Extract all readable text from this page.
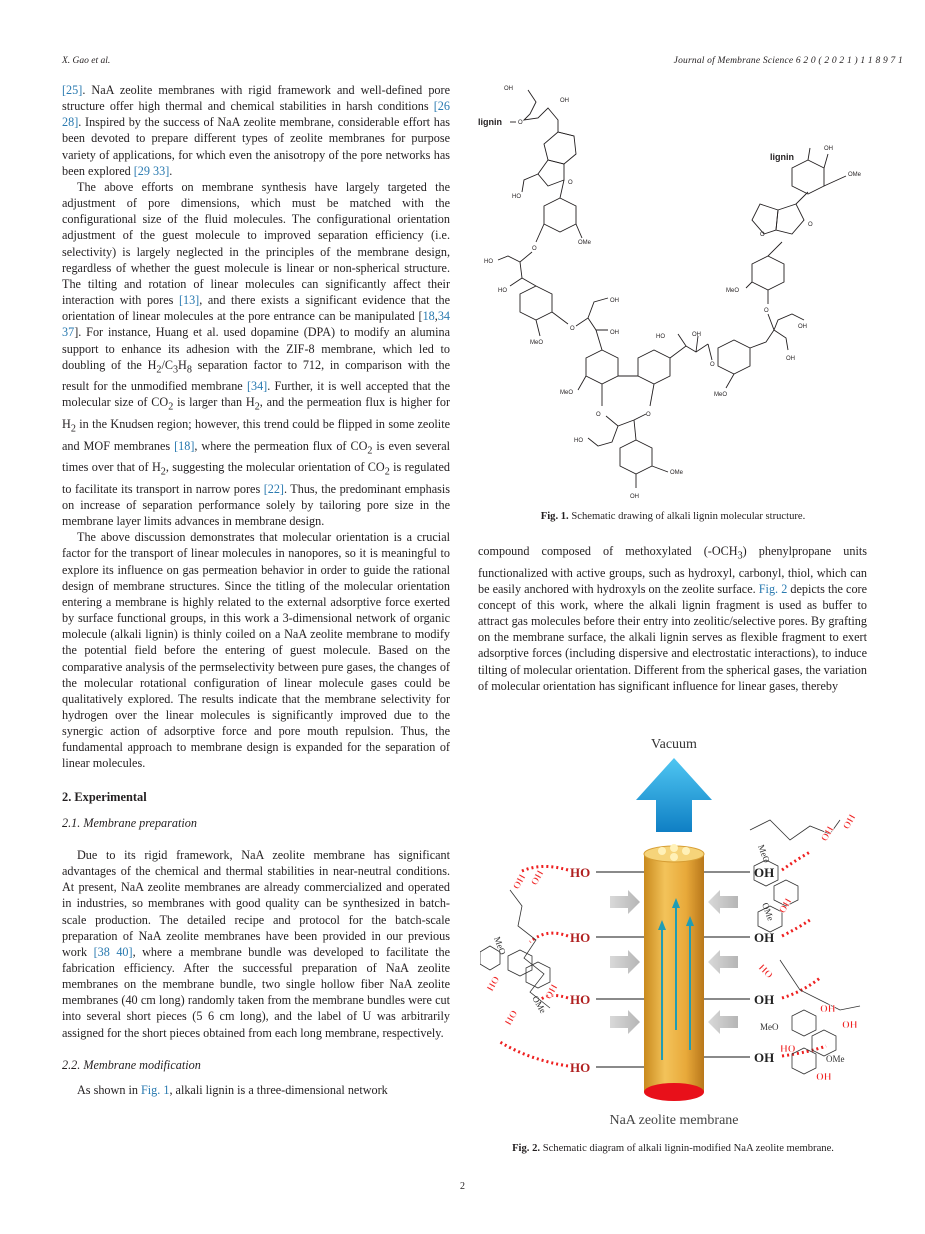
X. Gao et al.	Journal of Membrane Science 6 2 0 ( 2 0 2 1 ) 1 1 8 9 7 1

[25]. NaA zeolite membranes with rigid framework and well-defined pore structure offer high thermal and chemical stabilities in harsh conditions [26 28]. Inspired by the success of NaA zeolite membrane, considerable effort has been devoted to prepare different types of zeolite membranes for purpose variety of applications, for which even the anisotropy of the pore networks has been explored [29 33].

The above efforts on membrane synthesis have largely targeted the adjustment of pore dimensions, which must be matched with the configurational size of the fluid molecules. The configurational orientation adjustment of the guest molecule to improved separation efficiency (i.e. selectivity) is largely neglected in the principles of the membrane design, regardless of whether the guest molecule is linear or non-spherical structure. The tilting and rotation of linear molecules can significantly affect their interaction with pores [13], and there exists a significant evidence that the orientation of linear molecules at the pore entrance can be manipulated [18,34 37]. For instance, Huang et al. used dopamine (DPA) to modify an alumina support to enhance its adhesion with the ZIF-8 membrane, which led to doubling of the $H_2/C_3H_8$ separation factor to 712, in comparison with the result for the unmodified membrane [34]. Further, it is well accepted that the molecular size of $CO_2$ is larger than $H_2$, and the permeation flux is higher for $H_2$ in the Knudsen region; however, this trend could be flipped in some zeolite and MOF membranes [18], where the permeation flux of $CO_2$ is even several times over that of $H_2$, suggesting the molecular orientation of $CO_2$ is regulated to facilitate its transport in narrow pores [22]. Thus, the predominant emphasis on increase of separation performance solely by tailoring pore size in the membrane layer limits advances in membrane design.

The above discussion demonstrates that molecular orientation is a crucial factor for the transport of linear molecules in nanopores, so it is meaningful to explore its influence on gas permeation behavior in order to guide the rational design of membrane structures. Since the titling of the molecular orientation entering a membrane is highly related to the external adsorptive force exerted by surface functional groups, in this work a 3-dimensional network of organic molecule (alkali lignin) is thinly coiled on a NaA zeolite membrane to modify the potential field before the entering of guest molecule. Based on the comparative analysis of the permselectivity between pure gases, the changes of the molecular rotational configuration of linear molecule gases could be qualitatively explored. The results indicate that the membrane selectivity for hydrogen over the linear molecules is significantly improved due to the synergic action of adsorptive force and pore mouth repulsion. Thus, the fundamental approach to membrane design is expanded for the separation of linear molecules.

2. Experimental
2.1. Membrane preparation

Due to its rigid framework, NaA zeolite membrane has significant advantages of the chemical and thermal stabilities in near-neutral conditions. At present, NaA zeolite membranes are already commercialized and operated in industries, so membranes with good quality can be synthesized in batch-scale production. The detailed recipe and protocol for the batch-scale preparation of NaA zeolite membranes have been provided in our previous work [38 40], where a membrane bundle was developed to facilitate the fabrication efficiency. After the successful preparation of NaA zeolite membranes on the membrane bundle, two single hollow fiber NaA zeolite membranes (40 cm long) randomly taken from the membrane bundles were cut into several short pieces (5 6 cm long), and the label of U was arbitrarily assigned for the short pieces obtained from each long membrane, respectively.

2.2. Membrane modification

As shown in Fig. 1, alkali lignin is a three-dimensional network

OH
OH
O
lignin
O
HO
OMe
O
HO
HO
MeO
O
OH
OH
MeO
O	O
HO
OMe
OH
HO	OH
O
MeO
O
OH
OH
MeO
O
O
lignin
OH
OMe
Fig. 1. Schematic drawing of alkali lignin molecular structure.

compound composed of methoxylated $(-OCH_3)$ phenylpropane units functionalized with active groups, such as hydroxyl, carbonyl, thiol, which can be easily anchored with hydroxyls on the zeolite surface. Fig. 2 depicts the core concept of this work, where the alkali lignin fragment is used as buffer to attract gas molecules before their entry into zeolitic/selective pores. By grafting on the membrane surface, the alkali lignin serves as flexible fragment to exert adsorptive forces (including dispersive and electrostatic interactions), to induce tilting of molecular orientation. Different from the spherical gases, the variation of molecular orientation has significant influence for linear gases, thereby

Vacuum
HO
HO
HO
HO
OH
OH
OH
OH
OH OH
HO	OH
HO
OH
OH
OH
HO
OH
OH
HO
OH
MeO
OMe
MeO
OMe
MeO
OMe
NaA zeolite membrane
Fig. 2. Schematic diagram of alkali lignin-modified NaA zeolite membrane.
2
